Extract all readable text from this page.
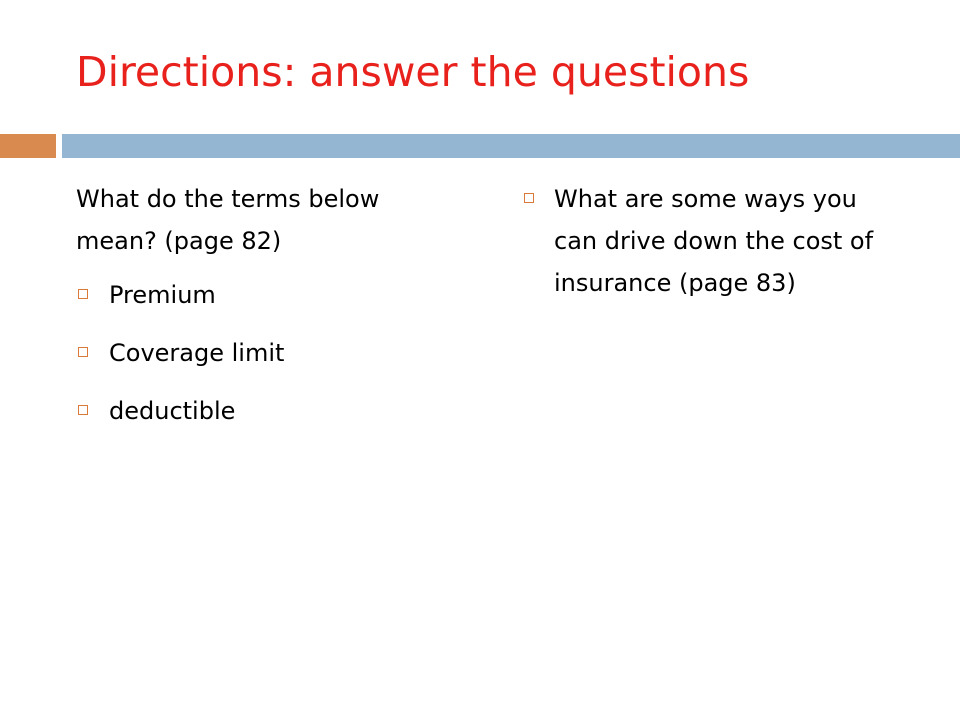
Directions: answer the questions

What do the terms below mean? (page 82)

Premium
Coverage limit
deductible
What are some ways you can drive down the cost of insurance (page 83)
